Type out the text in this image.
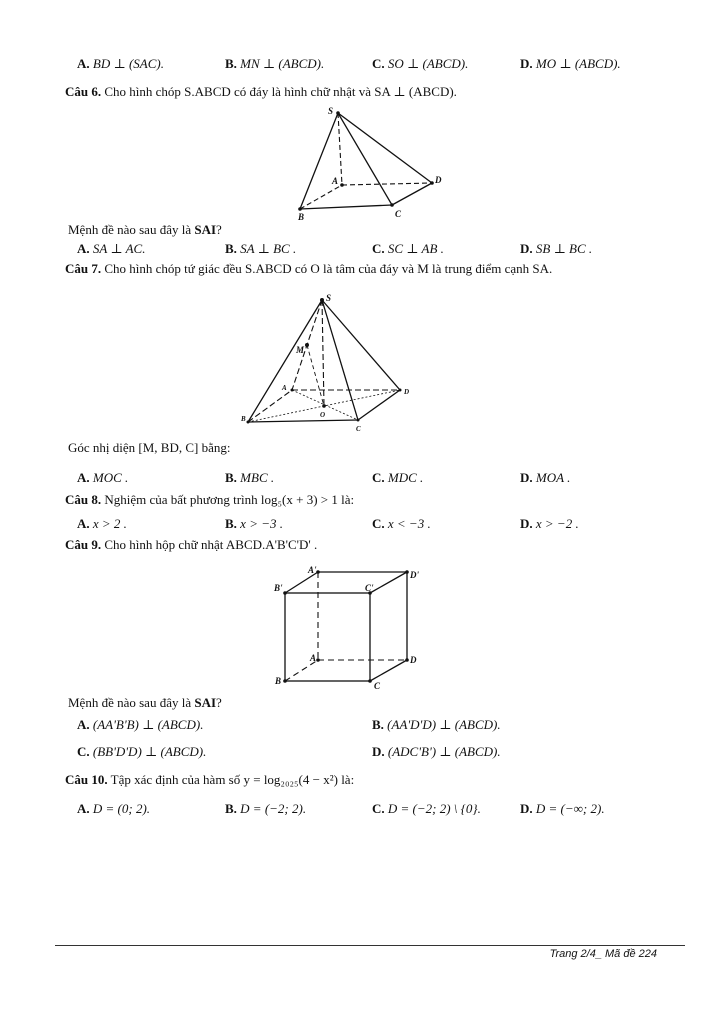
A. BD ⊥ (SAC).	B. MN ⊥ (ABCD).	C. SO ⊥ (ABCD).	D. MO ⊥ (ABCD).
Câu 6. Cho hình chóp S.ABCD có đáy là hình chữ nhật và SA ⊥ (ABCD).
S
A
B	C
D
Mệnh đề nào sau đây là SAI?
A. SA ⊥ AC.	B. SA ⊥ BC .	C. SC ⊥ AB .	D. SB ⊥ BC .
Câu 7. Cho hình chóp tứ giác đều S.ABCD có O là tâm của đáy và M là trung điểm cạnh SA.
S
M
A
B
C
D
O
Góc nhị diện [M, BD, C] bằng:
A. MOC .	B. MBC .	C. MDC .	D. MOA .
Câu 8. Nghiệm của bất phương trình log₅(x + 3) > 1 là:
A. x > 2 .	B. x > −3 .	C. x < −3 .	D. x > −2 .
Câu 9. Cho hình hộp chữ nhật ABCD.A'B'C'D' .
A'
B'	C'
D'
A
B	C
D
Mệnh đề nào sau đây là SAI?
A. (AA'B'B) ⊥ (ABCD).	B. (AA'D'D) ⊥ (ABCD).
C. (BB'D'D) ⊥ (ABCD).	D. (ADC'B') ⊥ (ABCD).
Câu 10. Tập xác định của hàm số y = log₂₀₂₅(4 − x²) là:
A. D = (0; 2).	B. D = (−2; 2).	C. D = (−2; 2) \ {0}.	D. D = (−∞; 2).
Trang 2/4_ Mã đề 224
